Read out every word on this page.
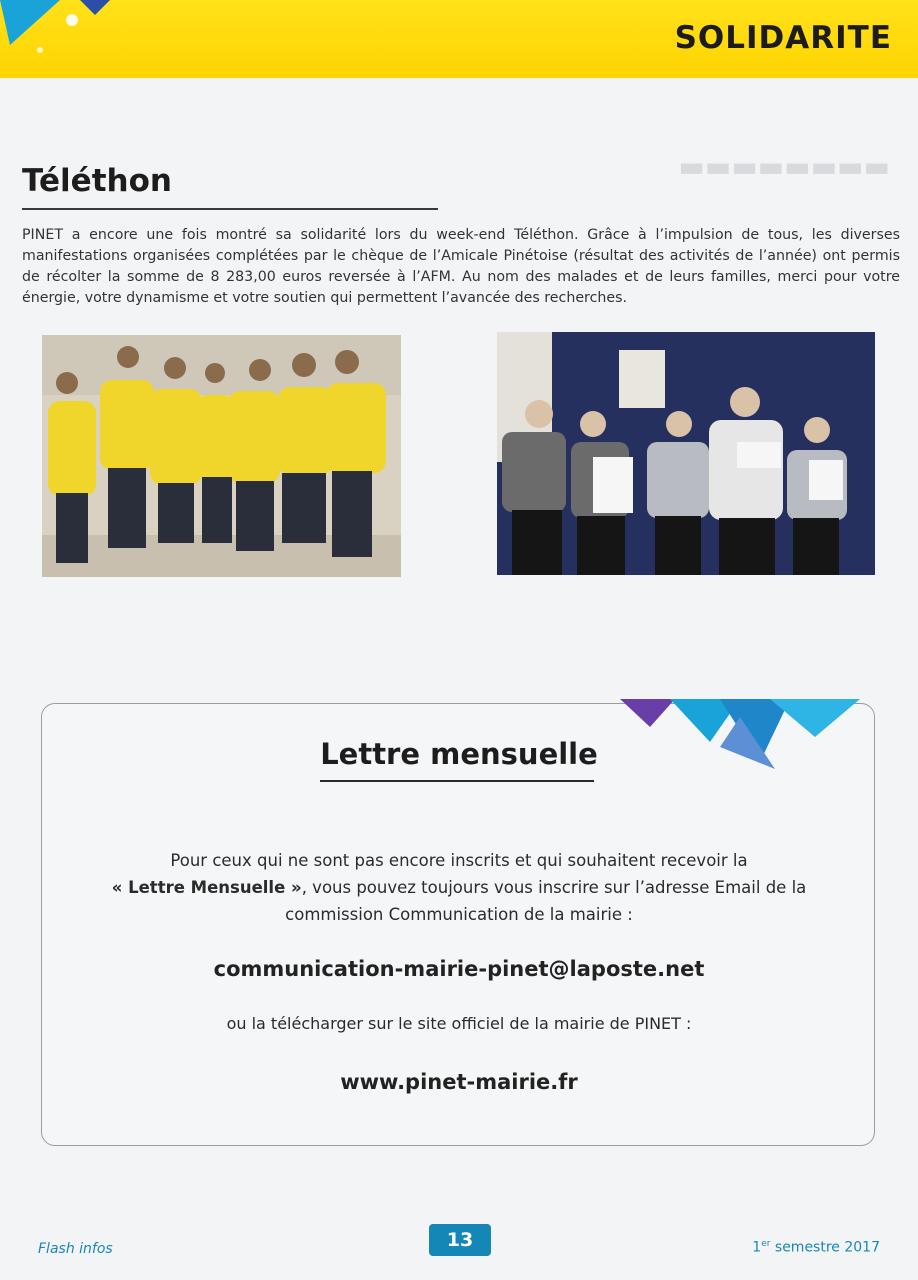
SOLIDARITE
▬▬▬▬▬▬▬▬
Téléthon
PINET a encore une fois montré sa solidarité lors du week-end Téléthon. Grâce à l’impulsion de tous, les diverses manifestations organisées complétées par le chèque de l’Amicale Pinétoise (résultat des activités de l’année) ont permis de récolter la somme de 8 283,00 euros reversée à l’AFM. Au nom des malades et de leurs familles, merci pour votre énergie, votre dynamisme et votre soutien qui permettent l’avancée des recherches.
Lettre mensuelle
Pour ceux qui ne sont pas encore inscrits et qui souhaitent recevoir la
« Lettre Mensuelle », vous pouvez toujours vous inscrire sur l’adresse Email de la commission Communication de la mairie :
communication-mairie-pinet@laposte.net
ou la télécharger sur le site officiel de la mairie de PINET :
www.pinet-mairie.fr
Flash infos	13	1er semestre 2017
